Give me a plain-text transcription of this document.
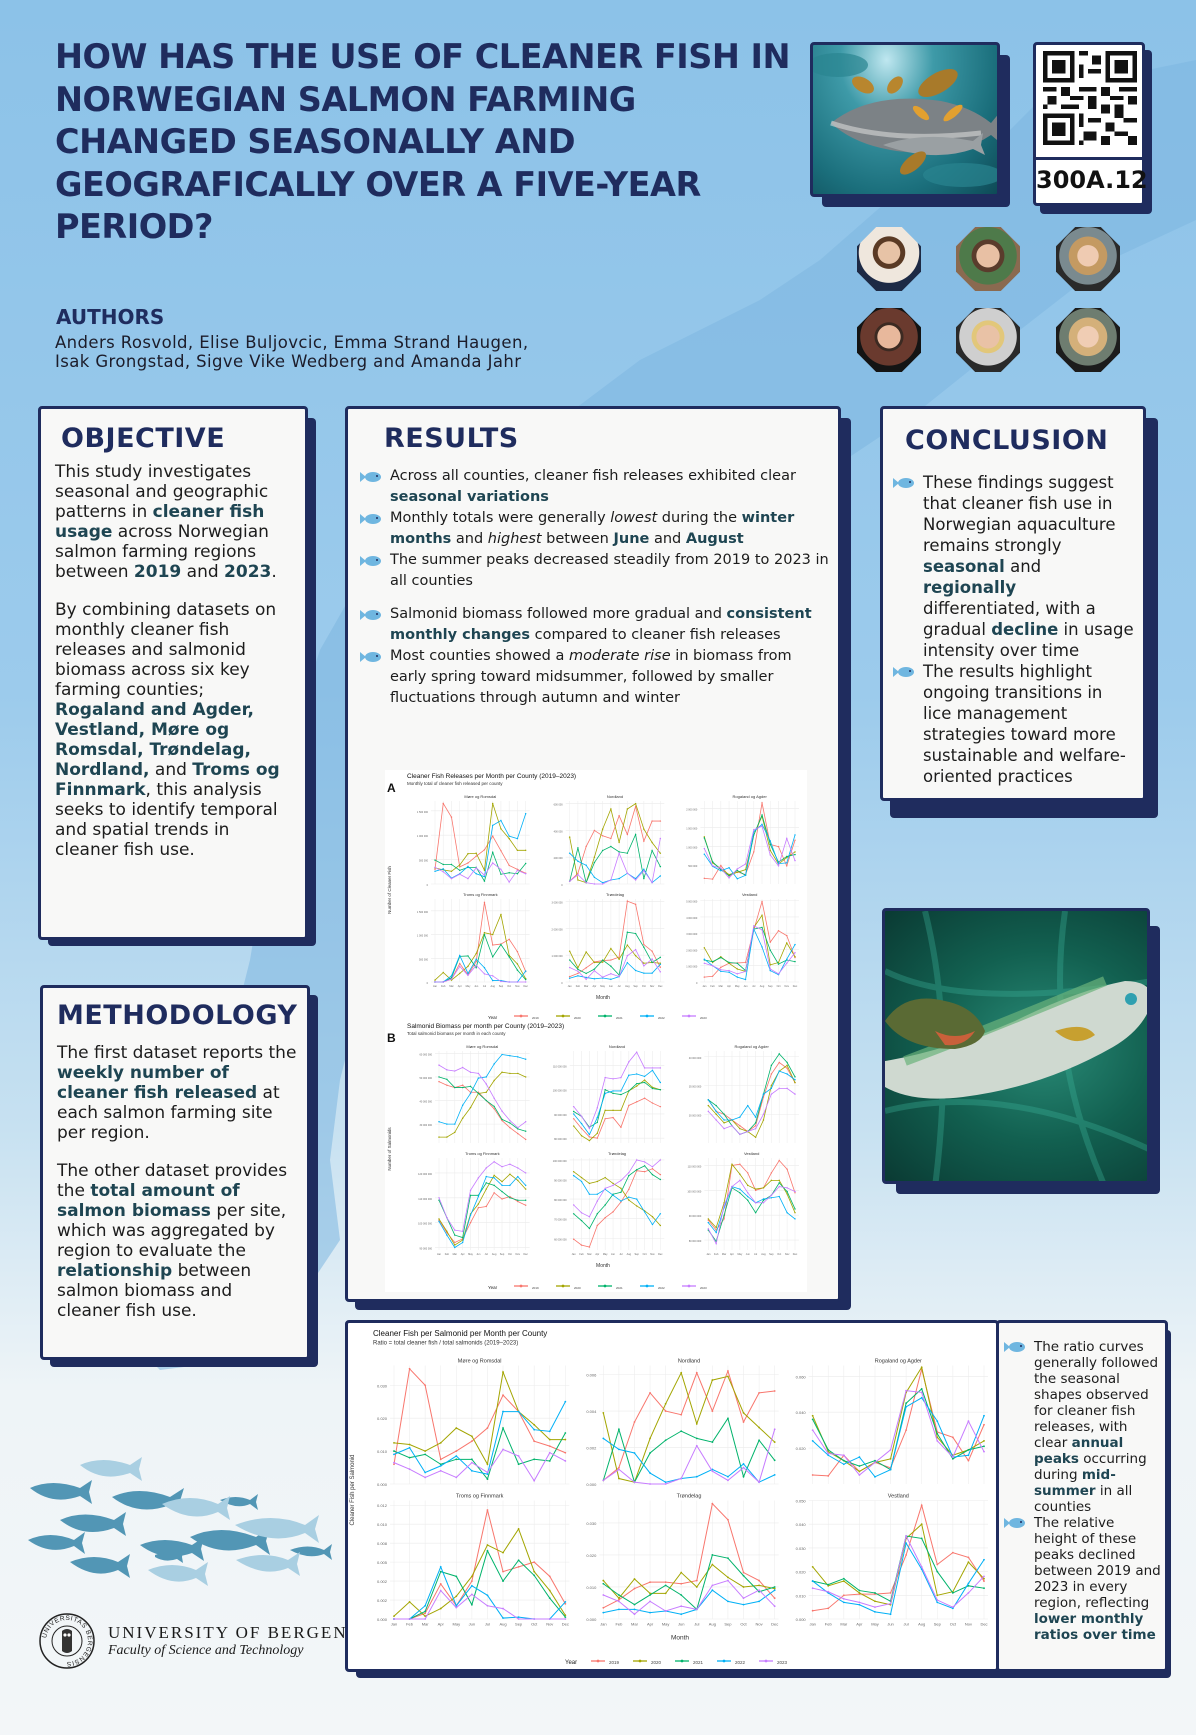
HOW HAS THE USE OF CLEANER FISH IN NORWEGIAN SALMON FARMING CHANGED SEASONALLY AND GEOGRAFICALLY OVER A FIVE-YEAR PERIOD?
300A.12
AUTHORS
Anders Rosvold, Elise Buljovcic, Emma Strand Haugen,
Isak Grongstad, Sigve Vike Wedberg and Amanda Jahr
OBJECTIVE
This study investigates seasonal and geographic patterns in cleaner fish usage across Norwegian salmon farming regions between 2019 and 2023.
By combining datasets on monthly cleaner fish releases and salmonid biomass across six key farming counties; Rogaland and Agder, Vestland, Møre og Romsdal, Trøndelag, Nordland, and Troms og Finnmark, this analysis seeks to identify temporal and spatial trends in cleaner fish use.
METHODOLOGY
The first dataset reports the weekly number of cleaner fish released at each salmon farming site per region.
The other dataset provides the total amount of salmon biomass per site, which was aggregated by region to evaluate the relationship between salmon biomass and cleaner fish use.
RESULTS
Across all counties, cleaner fish releases exhibited clear seasonal variations
Monthly totals were generally lowest during the winter months and highest between June and August
The summer peaks decreased steadily from 2019 to 2023 in all counties
Salmonid biomass followed more gradual and consistent monthly changes compared to cleaner fish releases
Most counties showed a moderate rise in biomass from early spring toward midsummer, followed by smaller fluctuations through autumn and winter
Cleaner Fish Releases per Month per County (2019–2023)
Monthly total of cleaner fish released per county
A
Number of Cleaner Fish
Month
Møre og Romsdal
0
500 000
1 000 000
1 500 000
Nordland
0
200 000
400 000
600 000
Rogaland og Agder
500 000
1 000 000
1 500 000
2 000 000
Troms og Finnmark
0
500 000
1 000 000
1 500 000
Jan Feb Mar Apr May Jun Jul Aug Sep Oct Nov Dec
Trøndelag
0
1 000 000
2 000 000
3 000 000
Jan Feb Mar Apr May Jun Jul Aug Sep Oct Nov Dec
Vestland
0
1 000 000
2 000 000
3 000 000
4 000 000
5 000 000
Jan Feb Mar Apr May Jun Jul Aug Sep Oct Nov Dec
Year	2019	2020	2021	2022	2023
Salmonid Biomass per month per County (2019–2023)
Total salmonid biomass per month in each county
B
Number of Salmonids
Month
Møre og Romsdal
30 000 000
40 000 000
50 000 000
60 000 000
Nordland
80 000 000
90 000 000
100 000 000
110 000 000
Rogaland og Agder
30 000 000
35 000 000
40 000 000
Troms og Finnmark
90 000 000
100 000 000
110 000 000
120 000 000
Jan Feb Mar Apr May Jun Jul Aug Sep Oct Nov Dec
Trøndelag
60 000 000
70 000 000
80 000 000
90 000 000
100 000 000
Jan Feb Mar Apr May Jun Jul Aug Sep Oct Nov Dec
Vestland
80 000 000
90 000 000
100 000 000
110 000 000
Jan Feb Mar Apr May Jun Jul Aug Sep Oct Nov Dec
Year	2019	2020	2021	2022	2023
CONCLUSION
These findings suggest that cleaner fish use in Norwegian aquaculture remains strongly seasonal and regionally differentiated, with a gradual decline in usage intensity over time
The results highlight ongoing transitions in lice management strategies toward more sustainable and welfare-oriented practices
Cleaner Fish per Salmonid per Month per County
Ratio = total cleaner fish / total salmonids (2019–2023)
Cleaner Fish per Salmonid
Month
Møre og Romsdal
0.000
0.010
0.020
0.030
Nordland
0.000
0.002
0.004
0.006
Rogaland og Agder
0.020
0.040
0.060
Troms og Finnmark
0.000
0.002
0.002
0.005
0.008
0.010
0.012
Jan Feb Mar Apr May Jun Jul Aug Sep Oct Nov Dec
Trøndelag
0.000
0.010
0.020
0.030
Jan Feb Mar Apr May Jun Jul Aug Sep Oct Nov Dec
Vestland
0.000
0.010
0.020
0.030
0.040
0.050
Jan Feb Mar Apr May Jun Jul Aug Sep Oct Nov Dec
Year	2019	2020	2021	2022	2023
The ratio curves generally followed the seasonal shapes observed for cleaner fish releases, with clear annual peaks occurring during mid-summer in all counties
The relative height of these peaks declined between 2019 and 2023 in every region, reflecting lower monthly ratios over time
UNIVERSITAS BERGENSIS
UNIVERSITY OF BERGEN
Faculty of Science and Technology
